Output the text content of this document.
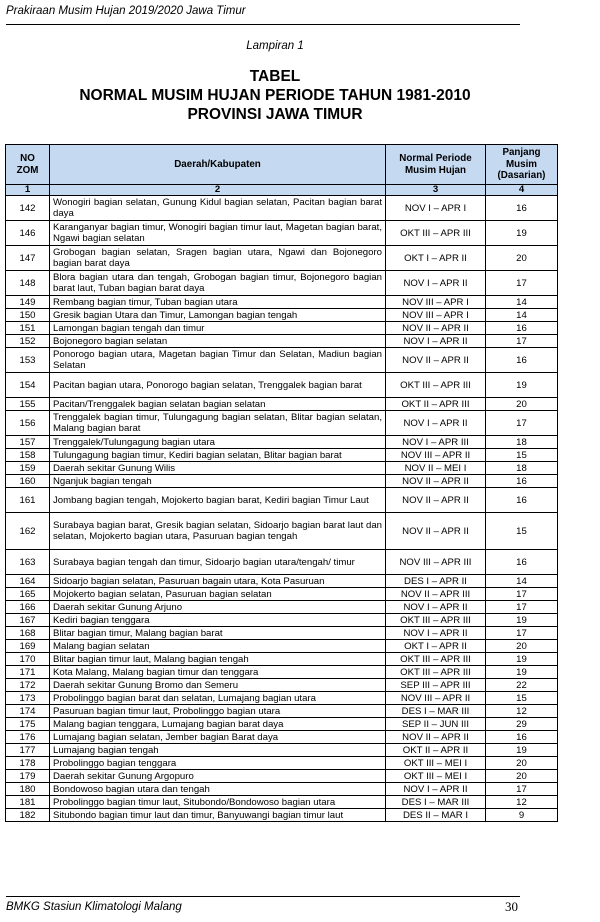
Prakiraan Musim Hujan 2019/2020 Jawa Timur
Lampiran 1
TABEL
NORMAL MUSIM HUJAN PERIODE TAHUN 1981-2010
PROVINSI JAWA TIMUR
NO ZOM	Daerah/Kabupaten	Normal Periode Musim Hujan	Panjang Musim (Dasarian)
1	2	3	4
142	Wonogiri bagian selatan, Gunung Kidul bagian selatan, Pacitan bagian barat daya	NOV I – APR I	16
146	Karanganyar bagian timur, Wonogiri bagian timur laut, Magetan bagian barat, Ngawi bagian selatan	OKT III – APR III	19
147	Grobogan bagian selatan, Sragen bagian utara, Ngawi dan Bojonegoro bagian barat daya	OKT I – APR II	20
148	Blora bagian utara dan tengah, Grobogan bagian timur, Bojonegoro bagian barat laut, Tuban bagian barat daya	NOV I – APR II	17
149	Rembang bagian timur, Tuban bagian utara	NOV III – APR I	14
150	Gresik bagian Utara dan Timur, Lamongan bagian tengah	NOV III – APR I	14
151	Lamongan bagian tengah dan timur	NOV II – APR II	16
152	Bojonegoro bagian selatan	NOV I – APR II	17
153	Ponorogo bagian utara, Magetan bagian Timur dan Selatan, Madiun bagian Selatan	NOV II – APR II	16
154	Pacitan bagian utara, Ponorogo bagian selatan, Trenggalek bagian barat	OKT III – APR III	19
155	Pacitan/Trenggalek bagian selatan bagian selatan	OKT II – APR III	20
156	Trenggalek bagian timur, Tulungagung bagian selatan, Blitar bagian selatan, Malang bagian barat	NOV I – APR II	17
157	Trenggalek/Tulungagung bagian utara	NOV I – APR III	18
158	Tulungagung bagian timur, Kediri bagian selatan, Blitar bagian barat	NOV III – APR II	15
159	Daerah sekitar Gunung Wilis	NOV II – MEI I	18
160	Nganjuk bagian tengah	NOV II – APR II	16
161	Jombang bagian tengah, Mojokerto bagian barat, Kediri bagian Timur Laut	NOV II – APR II	16
162	Surabaya bagian barat, Gresik bagian selatan, Sidoarjo bagian barat laut dan selatan, Mojokerto bagian utara, Pasuruan bagian tengah	NOV II – APR II	15
163	Surabaya bagian tengah dan timur, Sidoarjo bagian utara/tengah/ timur	NOV III – APR III	16
164	Sidoarjo bagian selatan, Pasuruan bagain utara, Kota Pasuruan	DES I – APR II	14
165	Mojokerto bagian selatan, Pasuruan bagian selatan	NOV II – APR III	17
166	Daerah sekitar Gunung Arjuno	NOV I – APR II	17
167	Kediri bagian tenggara	OKT III – APR III	19
168	Blitar bagian timur, Malang bagian barat	NOV I – APR II	17
169	Malang bagian selatan	OKT I – APR II	20
170	Blitar bagian timur laut, Malang bagian tengah	OKT III – APR III	19
171	Kota Malang, Malang bagian timur dan tenggara	OKT III – APR III	19
172	Daerah sekitar Gunung Bromo dan Semeru	SEP III – APR III	22
173	Probolinggo bagian barat dan selatan, Lumajang bagian utara	NOV III – APR II	15
174	Pasuruan bagian timur laut, Probolinggo bagian utara	DES I – MAR III	12
175	Malang bagian tenggara, Lumajang bagian barat daya	SEP II – JUN III	29
176	Lumajang bagian selatan, Jember bagian Barat daya	NOV II – APR II	16
177	Lumajang bagian tengah	OKT II – APR II	19
178	Probolinggo bagian tenggara	OKT III – MEI I	20
179	Daerah sekitar Gunung Argopuro	OKT III – MEI I	20
180	Bondowoso bagian utara dan tengah	NOV I – APR II	17
181	Probolinggo bagian timur laut, Situbondo/Bondowoso bagian utara	DES I – MAR III	12
182	Situbondo bagian timur laut dan timur, Banyuwangi bagian timur laut	DES II – MAR I	9
BMKG Stasiun Klimatologi Malang	30
